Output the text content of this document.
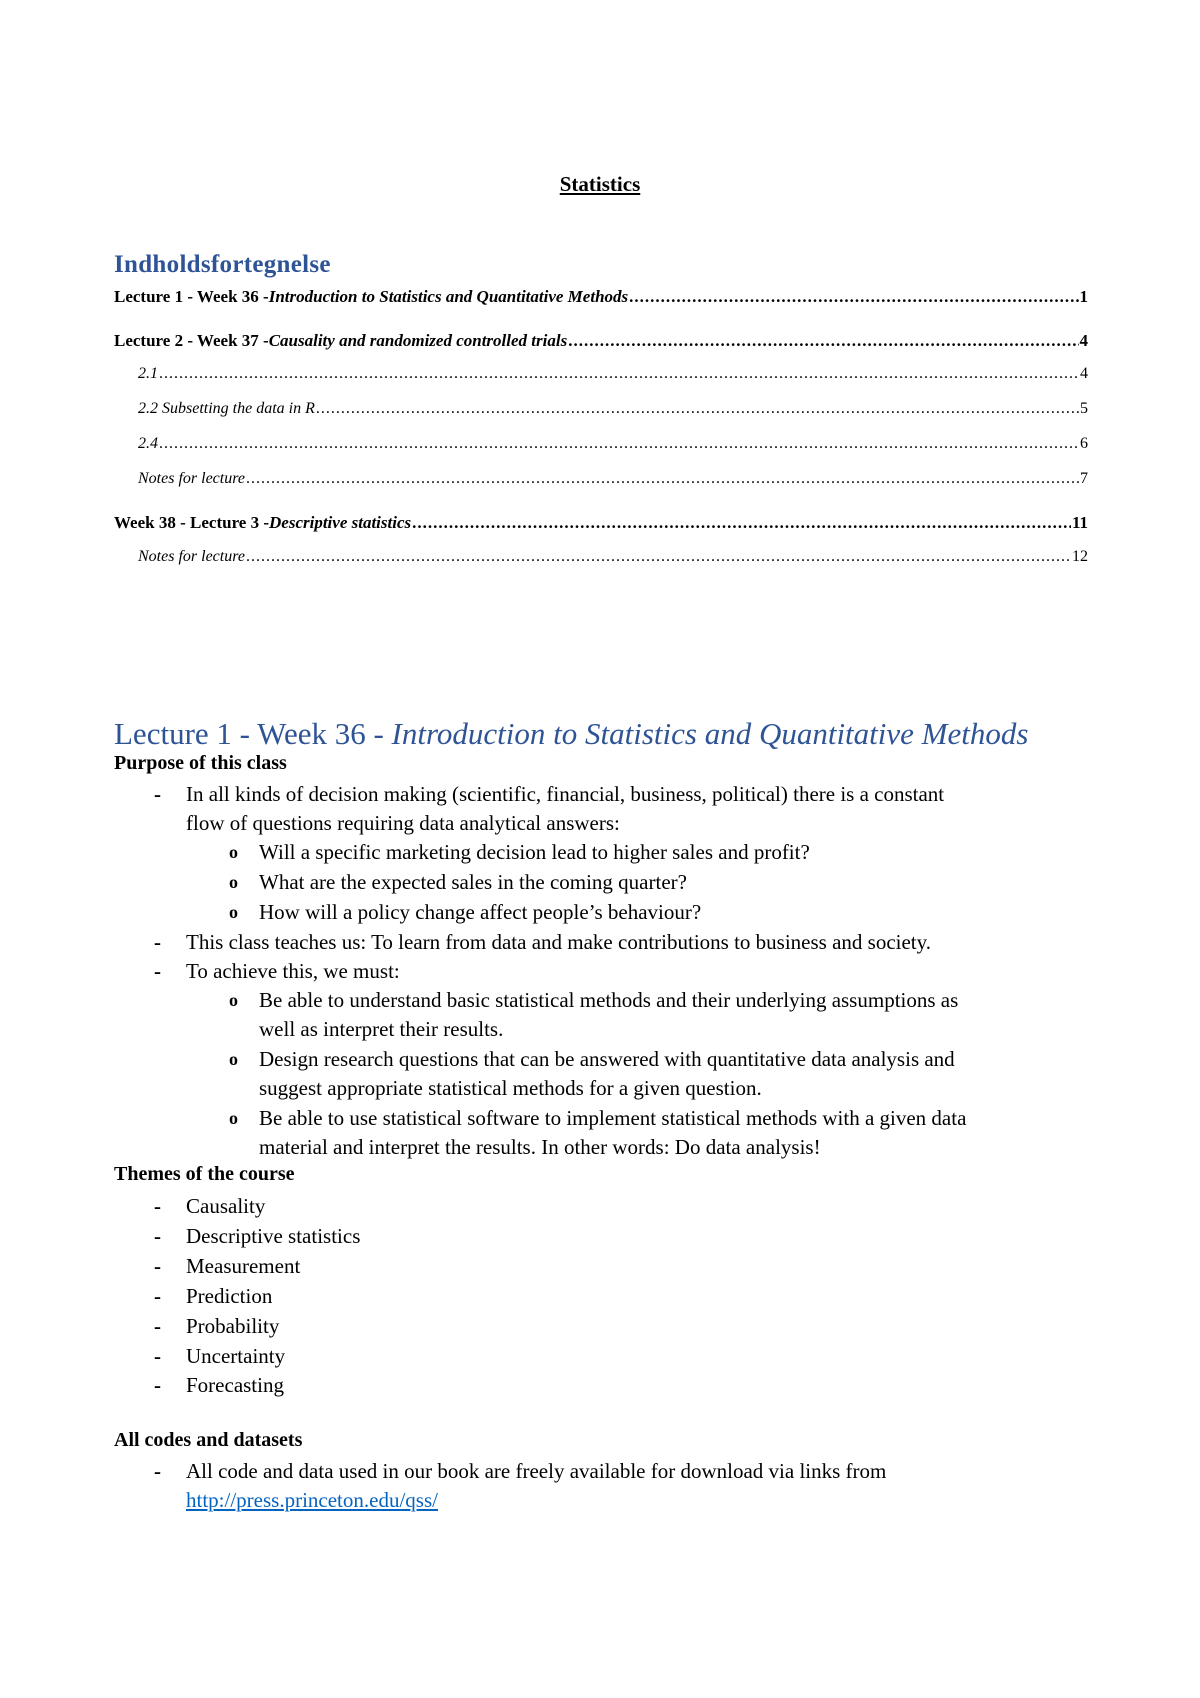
Statistics
Indholdsfortegnelse
Lecture 1 - Week 36 - Introduction to Statistics and Quantitative Methods .....	1
Lecture 2 - Week 37 - Causality and randomized controlled trials .....	4
2.1 .....	4
2.2 Subsetting the data in R .....	5
2.4 .....	6
Notes for lecture .....	7
Week 38 - Lecture 3 - Descriptive statistics .....	11
Notes for lecture .....	12
Lecture 1 - Week 36 - Introduction to Statistics and Quantitative Methods
Purpose of this class
- In all kinds of decision making (scientific, financial, business, political) there is a constant
flow of questions requiring data analytical answers:
o Will a specific marketing decision lead to higher sales and profit?
o What are the expected sales in the coming quarter?
o How will a policy change affect people’s behaviour?
- This class teaches us: To learn from data and make contributions to business and society.
- To achieve this, we must:
o Be able to understand basic statistical methods and their underlying assumptions as
well as interpret their results.
o Design research questions that can be answered with quantitative data analysis and
suggest appropriate statistical methods for a given question.
o Be able to use statistical software to implement statistical methods with a given data
material and interpret the results. In other words: Do data analysis!
Themes of the course
- Causality
- Descriptive statistics
- Measurement
- Prediction
- Probability
- Uncertainty
- Forecasting
All codes and datasets
- All code and data used in our book are freely available for download via links from
http://press.princeton.edu/qss/
